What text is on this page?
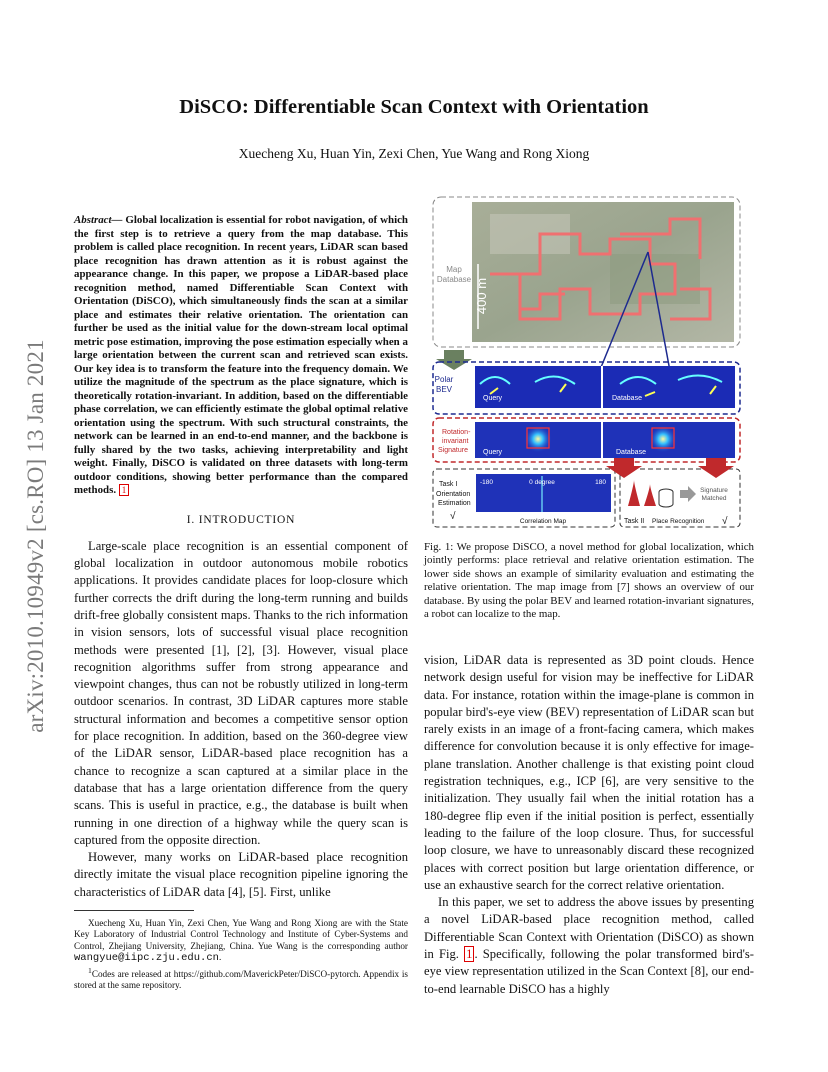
arXiv:2010.10949v2 [cs.RO] 13 Jan 2021
DiSCO: Differentiable Scan Context with Orientation

Xuecheng Xu, Huan Yin, Zexi Chen, Yue Wang and Rong Xiong

Abstract— Global localization is essential for robot navigation, of which the first step is to retrieve a query from the map database. This problem is called place recognition. In recent years, LiDAR scan based place recognition has drawn attention as it is robust against the appearance change. In this paper, we propose a LiDAR-based place recognition method, named Differentiable Scan Context with Orientation (DiSCO), which simultaneously finds the scan at a similar place and estimates their relative orientation. The orientation can further be used as the initial value for the down-stream local optimal metric pose estimation, improving the pose estimation especially when a large orientation between the current scan and retrieved scan exists. Our key idea is to transform the feature into the frequency domain. We utilize the magnitude of the spectrum as the place signature, which is theoretically rotation-invariant. In addition, based on the differentiable phase correlation, we can efficiently estimate the global optimal relative orientation using the spectrum. With such structural constraints, the network can be learned in an end-to-end manner, and the backbone is fully shared by the two tasks, achieving interpretability and light weight. Finally, DiSCO is validated on three datasets with long-term outdoor conditions, showing better performance than the compared methods. 1

I. INTRODUCTION

Large-scale place recognition is an essential component of global localization in outdoor autonomous mobile robotics applications. It provides candidate places for loop-closure which further corrects the drift during the long-term running and builds drift-free globally consistent maps. Thanks to the rich information in vision sensors, lots of successful visual place recognition methods were presented [1], [2], [3]. However, visual place recognition algorithms suffer from strong appearance and viewpoint changes, thus can not be robustly utilized in long-term outdoor scenarios. In contrast, 3D LiDAR captures more stable structural information and becomes a competitive sensor option for place recognition. In addition, based on the 360-degree view of the LiDAR sensor, LiDAR-based place recognition has a chance to recognize a scan captured at a similar place in the database that has a large orientation difference from the query scans. This is useful in practice, e.g., the database is built when running in one direction of a highway while the query scan is captured from the opposite direction.

However, many works on LiDAR-based place recognition directly imitate the visual place recognition pipeline ignoring the characteristics of LiDAR data [4], [5]. First, unlike

Xuecheng Xu, Huan Yin, Zexi Chen, Yue Wang and Rong Xiong are with the State Key Laboratory of Industrial Control Technology and Institute of Cyber-Systems and Control, Zhejiang University, Zhejiang, China. Yue Wang is the corresponding author wangyue@iipc.zju.edu.cn.

$^1$Codes are released at https://github.com/MaverickPeter/DiSCO-pytorch. Appendix is stored at the same repository.

400 m
Map
Database
Polar
BEV
Query	Database
Rotation-
invariant
Signature Query	Database
-180	0 degree	180
Correlation Map
Task I
Orientation
Estimation
√
Signature
Matched
Task II Place Recognition √

Fig. 1: We propose DiSCO, a novel method for global localization, which jointly performs: place retrieval and relative orientation estimation. The lower side shows an example of similarity evaluation and estimating the relative orientation. The map image from [7] shows an overview of our database. By using the polar BEV and learned rotation-invariant signatures, a robot can localize to the map.

vision, LiDAR data is represented as 3D point clouds. Hence network design useful for vision may be ineffective for LiDAR data. For instance, rotation within the image-plane is common in popular bird's-eye view (BEV) representation of LiDAR scan but rarely exists in an image of a front-facing camera, which makes difference for convolution because it is only effective for image-plane translation. Another challenge is that existing point cloud registration techniques, e.g., ICP [6], are very sensitive to the initialization. They usually fail when the initial rotation has a 180-degree flip even if the initial position is perfect, essentially leading to the failure of the loop closure. Thus, for successful loop closure, we have to unreasonably discard these recognized places with correct position but large orientation difference, or use an exhaustive search for the correct relative orientation.

In this paper, we set to address the above issues by presenting a novel LiDAR-based place recognition method, called Differentiable Scan Context with Orientation (DiSCO) as shown in Fig. 1 . Specifically, following the polar transformed bird's-eye view representation utilized in the Scan Context [8], our end-to-end learnable DiSCO has a highly
